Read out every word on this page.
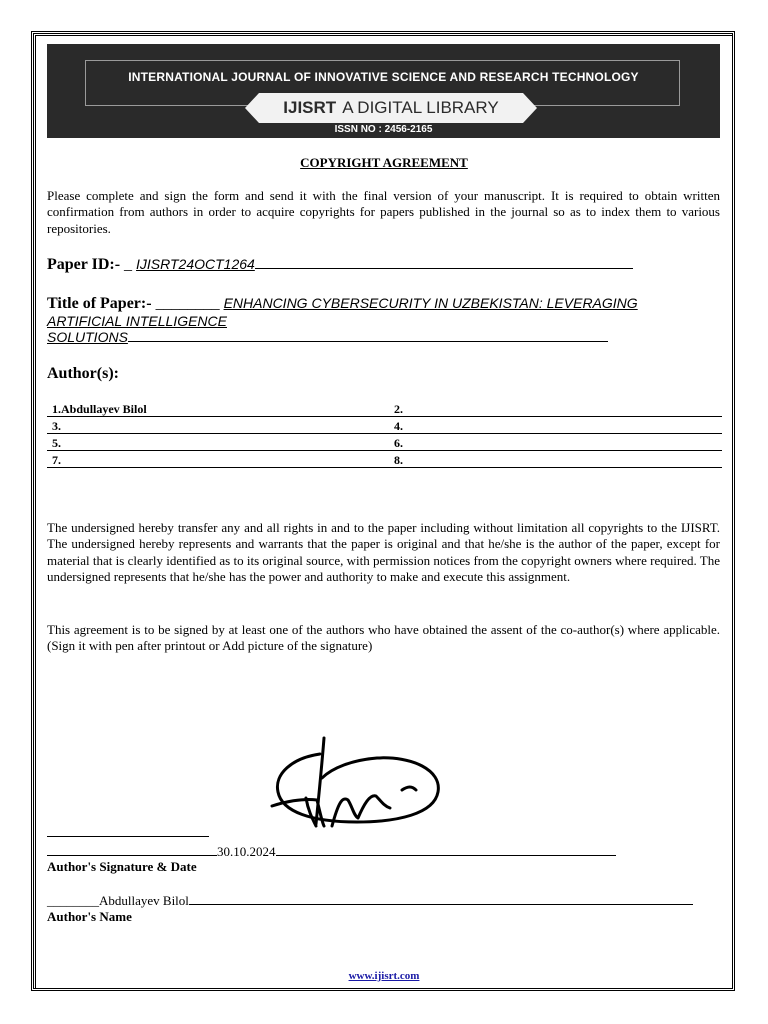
INTERNATIONAL JOURNAL OF INNOVATIVE SCIENCE AND RESEARCH TECHNOLOGY
IJISRT A DIGITAL LIBRARY
ISSN NO : 2456-2165
COPYRIGHT AGREEMENT

Please complete and sign the form and send it with the final version of your manuscript. It is required to obtain written confirmation from authors in order to acquire copyrights for papers published in the journal so as to index them to various repositories.

Paper ID:- _ IJISRT24OCT1264
Title of Paper:- ________ ENHANCING CYBERSECURITY IN UZBEKISTAN: LEVERAGING
ARTIFICIAL INTELLIGENCE
SOLUTIONS
Author(s):
1.Abdullayev Bilol	2.
3.	4.
5.	6.
7.	8.

The undersigned hereby transfer any and all rights in and to the paper including without limitation all copyrights to the IJISRT. The undersigned hereby represents and warrants that the paper is original and that he/she is the author of the paper, except for material that is clearly identified as to its original source, with permission notices from the copyright owners where required. The undersigned represents that he/she has the power and authority to make and execute this assignment.

This agreement is to be signed by at least one of the authors who have obtained the assent of the co-author(s) where applicable. (Sign it with pen after printout or Add picture of the signature)

30.10.2024
Author's Signature & Date
________Abdullayev Bilol
Author's Name
www.ijisrt.com
